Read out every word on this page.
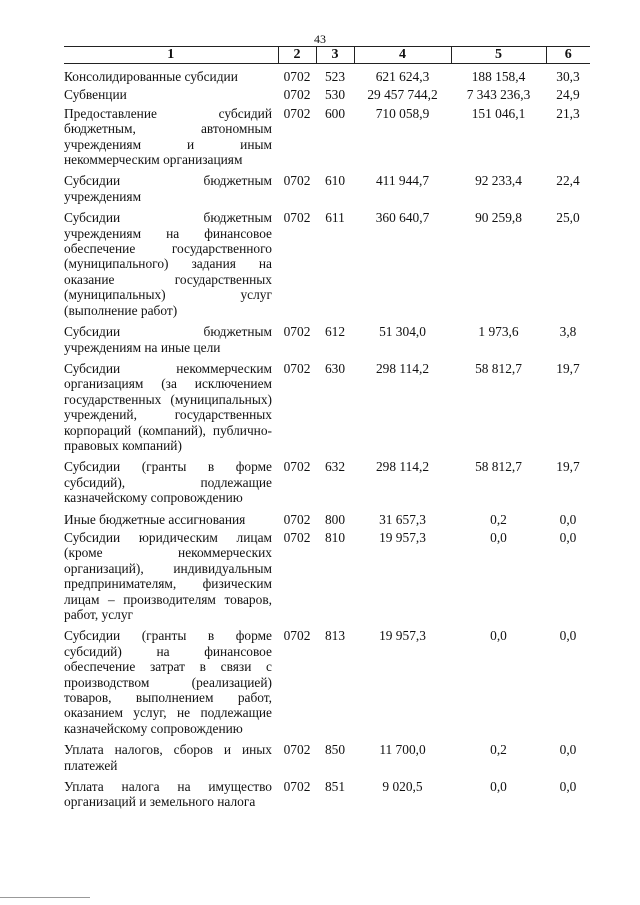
43
1	2	3	4	5	6
Консолидированные субсидии	0702	523	621 624,3	188 158,4	30,3
Субвенции	0702	530	29 457 744,2	7 343 236,3	24,9
Предоставление субсидий бюджетным, автономным учреждениям и иным некоммерческим организациям	0702	600	710 058,9	151 046,1	21,3
Субсидии бюджетным учреждениям	0702	610	411 944,7	92 233,4	22,4
Субсидии бюджетным учреждениям на финансовое обеспечение государственного (муниципального) задания на оказание государственных (муниципальных) услуг (выполнение работ)	0702	611	360 640,7	90 259,8	25,0
Субсидии бюджетным учреждениям на иные цели	0702	612	51 304,0	1 973,6	3,8
Субсидии некоммерческим организациям (за исключением государственных (муниципальных) учреждений, государственных корпораций (компаний), публично-правовых компаний)	0702	630	298 114,2	58 812,7	19,7
Субсидии (гранты в форме субсидий), подлежащие казначейскому сопровождению	0702	632	298 114,2	58 812,7	19,7
Иные бюджетные ассигнования	0702	800	31 657,3	0,2	0,0
Субсидии юридическим лицам (кроме некоммерческих организаций), индивидуальным предпринимателям, физическим лицам – производителям товаров, работ, услуг	0702	810	19 957,3	0,0	0,0
Субсидии (гранты в форме субсидий) на финансовое обеспечение затрат в связи с производством (реализацией) товаров, выполнением работ, оказанием услуг, не подлежащие казначейскому сопровождению	0702	813	19 957,3	0,0	0,0
Уплата налогов, сборов и иных платежей	0702	850	11 700,0	0,2	0,0
Уплата налога на имущество организаций и земельного налога	0702	851	9 020,5	0,0	0,0
